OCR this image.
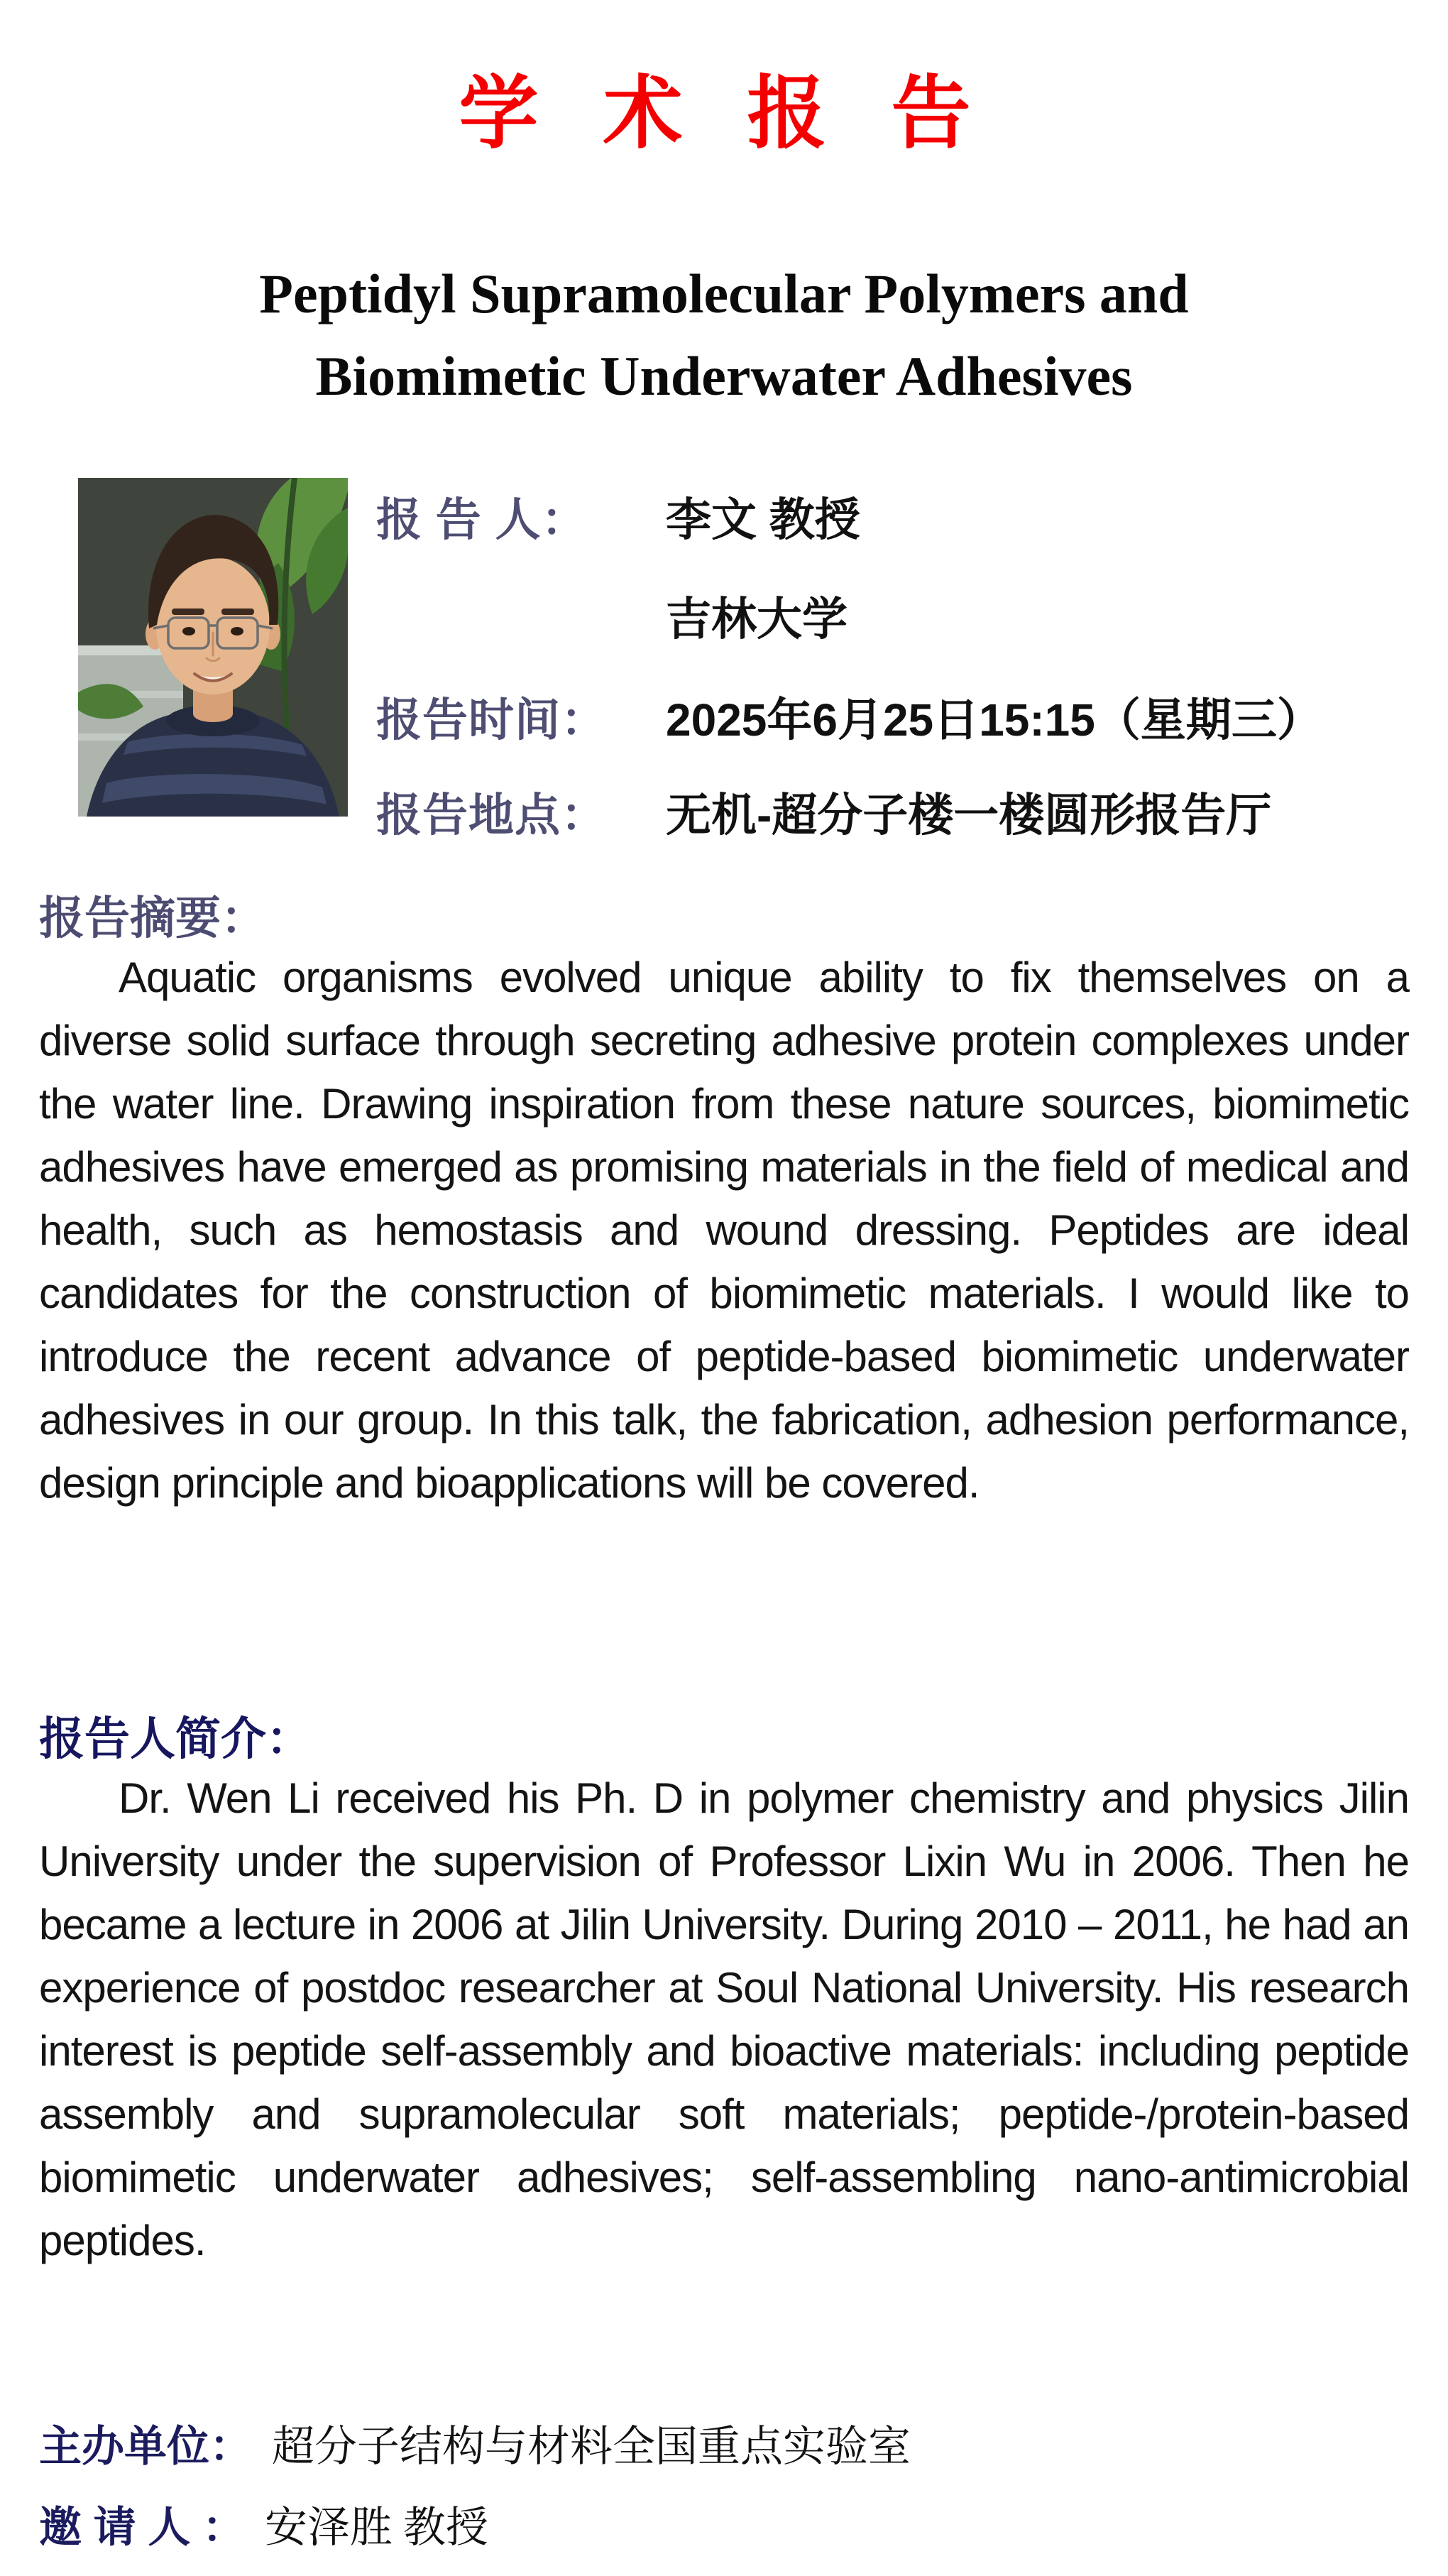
学 术 报 告
Peptidyl Supramolecular Polymers and
Biomimetic Underwater Adhesives
报 告 人：	李文 教授
吉林大学
报告时间：	2025年6月25日15:15（星期三）
报告地点：	无机-超分子楼一楼圆形报告厅
报告摘要：
Aquatic organisms evolved unique ability to fix themselves on a diverse solid surface through secreting adhesive protein complexes under the water line. Drawing inspiration from these nature sources, biomimetic adhesives have emerged as promising materials in the field of medical and health, such as hemostasis and wound dressing. Peptides are ideal candidates for the construction of biomimetic materials. I would like to introduce the recent advance of peptide-based biomimetic underwater adhesives in our group. In this talk, the fabrication, adhesion performance, design principle and bioapplications will be covered.
报告人简介：
Dr. Wen Li received his Ph. D in polymer chemistry and physics Jilin University under the supervision of Professor Lixin Wu in 2006. Then he became a lecture in 2006 at Jilin University. During 2010 – 2011, he had an experience of postdoc researcher at Soul National University. His research interest is peptide self-assembly and bioactive materials: including peptide assembly and supramolecular soft materials; peptide-/protein-based biomimetic underwater adhesives; self-assembling nano-antimicrobial peptides.
主办单位： 超分子结构与材料全国重点实验室
邀 请 人 ： 安泽胜 教授
